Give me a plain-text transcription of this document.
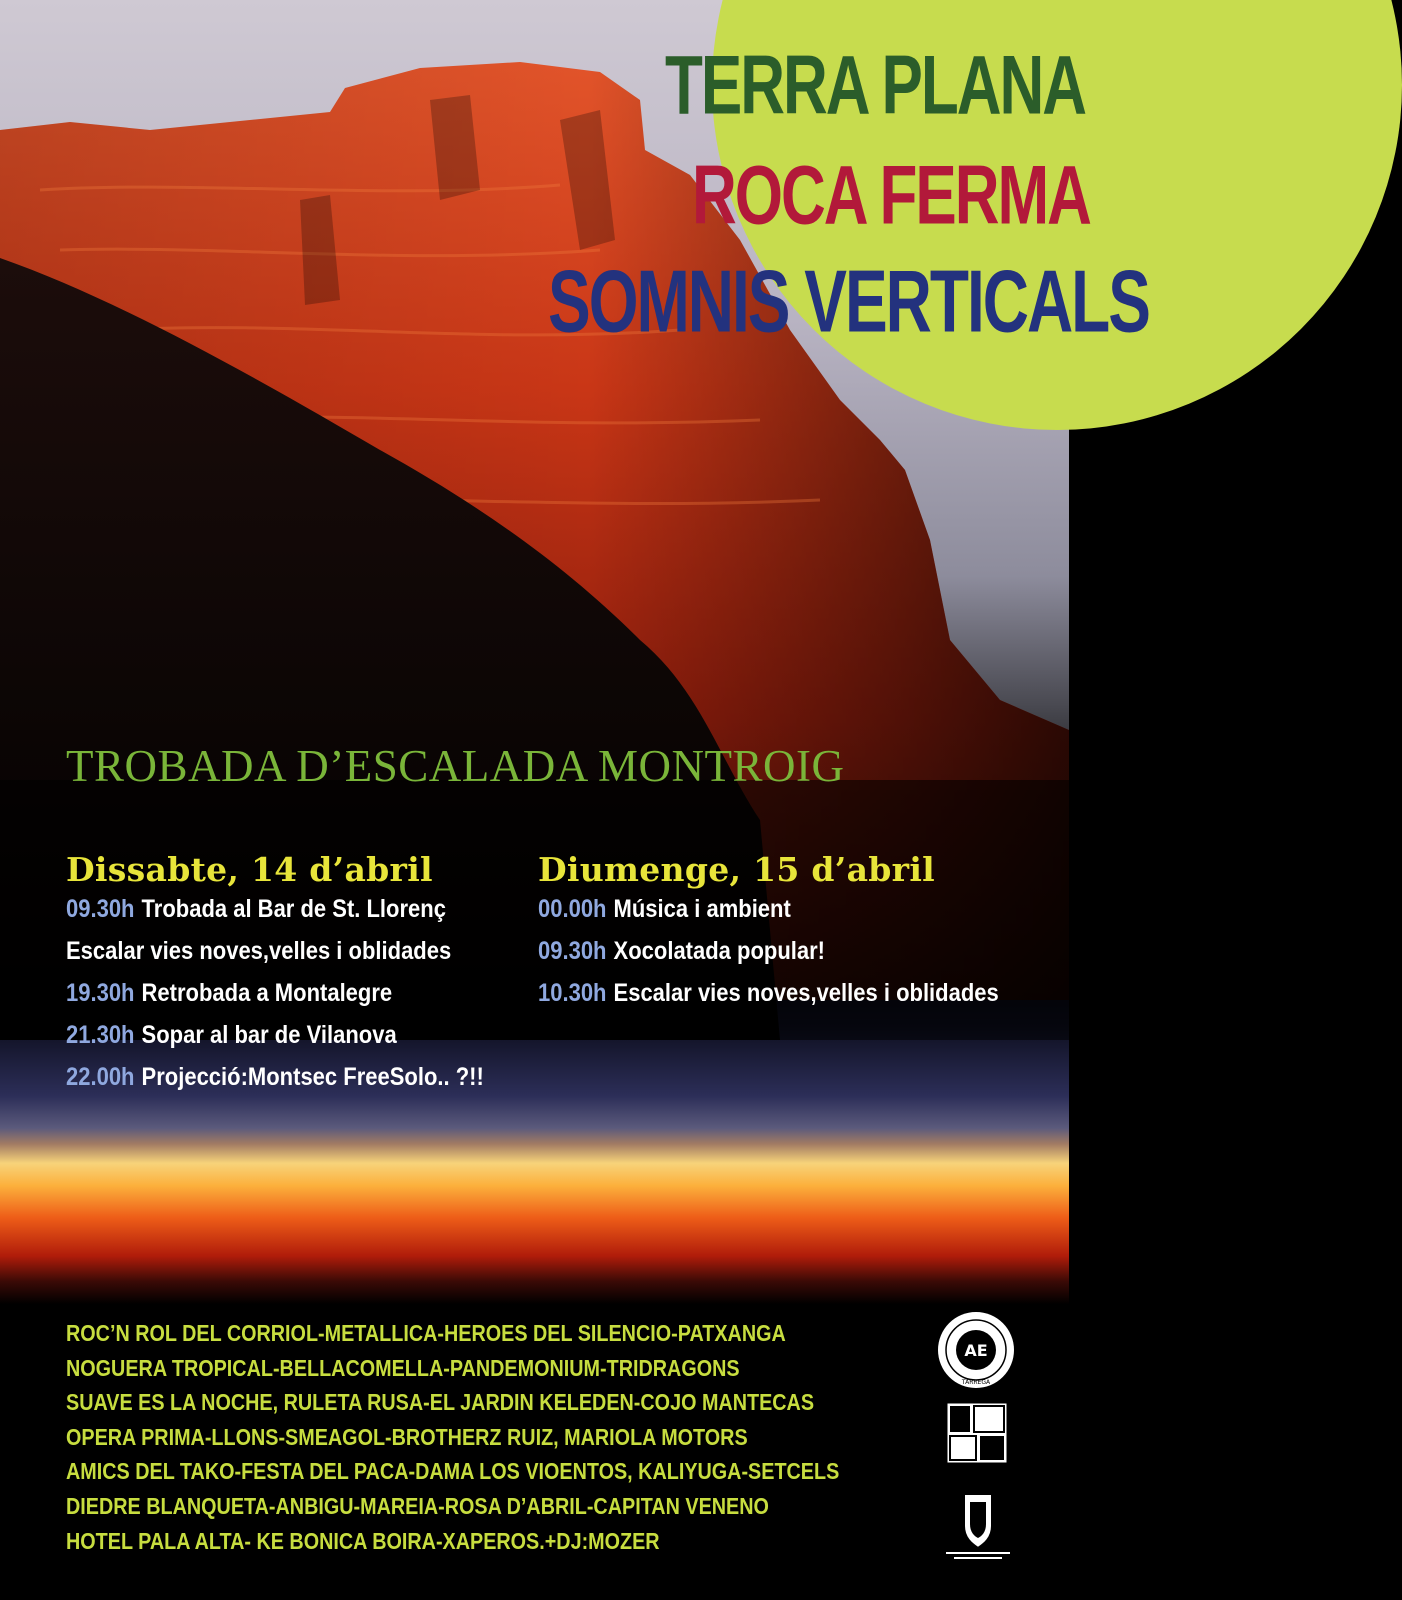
TERRA PLANA
ROCA FERMA
SOMNIS VERTICALS
TROBADA D’ESCALADA MONTROIG
Dissabte, 14 d’abril
09.30h Trobada al Bar de St. Llorenç
Escalar vies noves,velles i oblidades
19.30h Retrobada a Montalegre
21.30h Sopar al bar de Vilanova
22.00h Projecció:Montsec FreeSolo.. ?!!
Diumenge, 15 d’abril
00.00h Música i ambient
09.30h Xocolatada popular!
10.30h Escalar vies noves,velles i oblidades
ROC’N ROL DEL CORRIOL-METALLICA-HEROES DEL SILENCIO-PATXANGA
NOGUERA TROPICAL-BELLACOMELLA-PANDEMONIUM-TRIDRAGONS
SUAVE ES LA NOCHE, RULETA RUSA-EL JARDIN KELEDEN-COJO MANTECAS
OPERA PRIMA-LLONS-SMEAGOL-BROTHERZ RUIZ, MARIOLA MOTORS
AMICS DEL TAKO-FESTA DEL PACA-DAMA LOS VIOENTOS, KALIYUGA-SETCELS
DIEDRE BLANQUETA-ANBIGU-MAREIA-ROSA D’ABRIL-CAPITAN VENENO
HOTEL PALA ALTA- KE BONICA BOIRA-XAPEROS.+DJ:MOZER
AE
TÀRREGA
